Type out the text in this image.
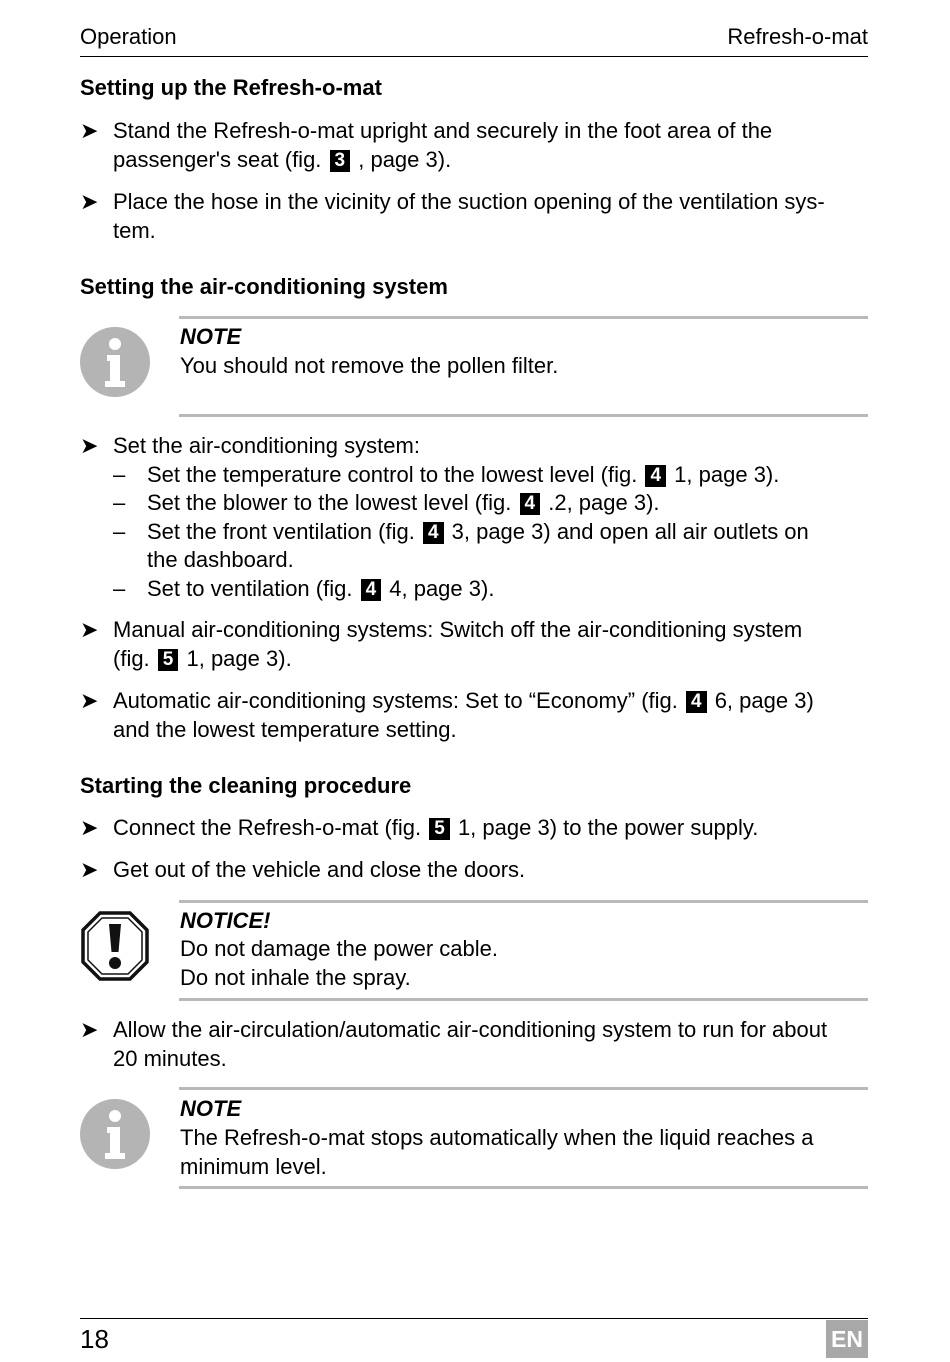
Operation	Refresh-o-mat
Setting up the Refresh-o-mat
➤ Stand the Refresh-o-mat upright and securely in the foot area of the
passenger's seat (fig. 3 , page 3).
➤ Place the hose in the vicinity of the suction opening of the ventilation sys-
tem.
Setting the air-conditioning system
NOTE
You should not remove the pollen filter.
➤ Set the air-conditioning system:
– Set the temperature control to the lowest level (fig. 4 1, page 3).
– Set the blower to the lowest level (fig. 4 .2, page 3).
– Set the front ventilation (fig. 4 3, page 3) and open all air outlets on
the dashboard.
– Set to ventilation (fig. 4 4, page 3).
➤ Manual air-conditioning systems: Switch off the air-conditioning system
(fig. 5 1, page 3).
➤ Automatic air-conditioning systems: Set to “Economy” (fig. 4 6, page 3)
and the lowest temperature setting.
Starting the cleaning procedure
➤ Connect the Refresh-o-mat (fig. 5 1, page 3) to the power supply.
➤ Get out of the vehicle and close the doors.
NOTICE!
Do not damage the power cable.
Do not inhale the spray.
➤ Allow the air-circulation/automatic air-conditioning system to run for about
20 minutes.
NOTE
The Refresh-o-mat stops automatically when the liquid reaches a
minimum level.
18	EN
